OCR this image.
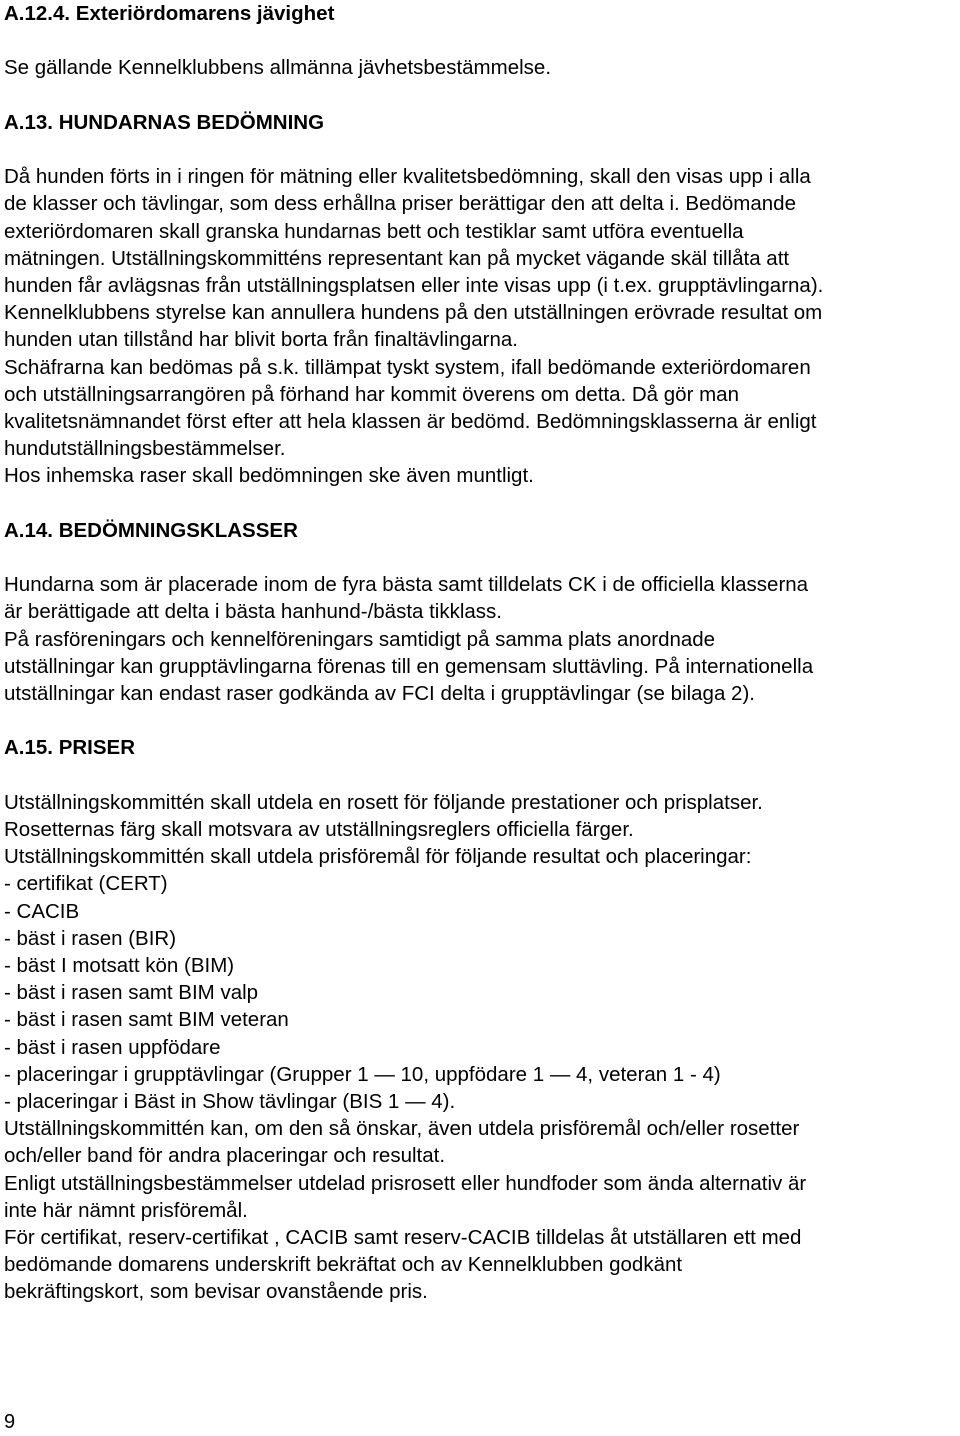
A.12.4. Exteriördomarens jävighet

Se gällande Kennelklubbens allmänna jävhetsbestämmelse.

A.13. HUNDARNAS BEDÖMNING

Då hunden förts in i ringen för mätning eller kvalitetsbedömning, skall den visas upp i alla
de klasser och tävlingar, som dess erhållna priser berättigar den att delta i. Bedömande
exteriördomaren skall granska hundarnas bett och testiklar samt utföra eventuella
mätningen. Utställningskommitténs representant kan på mycket vägande skäl tillåta att
hunden får avlägsnas från utställningsplatsen eller inte visas upp (i t.ex. grupptävlingarna).
Kennelklubbens styrelse kan annullera hundens på den utställningen erövrade resultat om
hunden utan tillstånd har blivit borta från finaltävlingarna.
Schäfrarna kan bedömas på s.k. tillämpat tyskt system, ifall bedömande exteriördomaren
och utställningsarrangören på förhand har kommit överens om detta. Då gör man
kvalitetsnämnandet först efter att hela klassen är bedömd. Bedömningsklasserna är enligt
hundutställningsbestämmelser.
Hos inhemska raser skall bedömningen ske även muntligt.

A.14. BEDÖMNINGSKLASSER

Hundarna som är placerade inom de fyra bästa samt tilldelats CK i de officiella klasserna
är berättigade att delta i bästa hanhund-/bästa tikklass.
På rasföreningars och kennelföreningars samtidigt på samma plats anordnade
utställningar kan grupptävlingarna förenas till en gemensam sluttävling. På internationella
utställningar kan endast raser godkända av FCI delta i grupptävlingar (se bilaga 2).

A.15. PRISER

Utställningskommittén skall utdela en rosett för följande prestationer och prisplatser.
Rosetternas färg skall motsvara av utställningsreglers officiella färger.
Utställningskommittén skall utdela prisföremål för följande resultat och placeringar:

- certifikat (CERT)

- CACIB

- bäst i rasen (BIR)

- bäst I motsatt kön (BIM)

- bäst i rasen samt BIM valp

- bäst i rasen samt BIM veteran

- bäst i rasen uppfödare

- placeringar i grupptävlingar (Grupper 1 — 10, uppfödare 1 — 4, veteran 1 - 4)

- placeringar i Bäst in Show tävlingar (BIS 1 — 4).

Utställningskommittén kan, om den så önskar, även utdela prisföremål och/eller rosetter
och/eller band för andra placeringar och resultat.
Enligt utställningsbestämmelser utdelad prisrosett eller hundfoder som ända alternativ är
inte här nämnt prisföremål.
För certifikat, reserv-certifikat , CACIB samt reserv-CACIB tilldelas åt utställaren ett med
bedömande domarens underskrift bekräftat och av Kennelklubben godkänt
bekräftingskort, som bevisar ovanstående pris.

9
